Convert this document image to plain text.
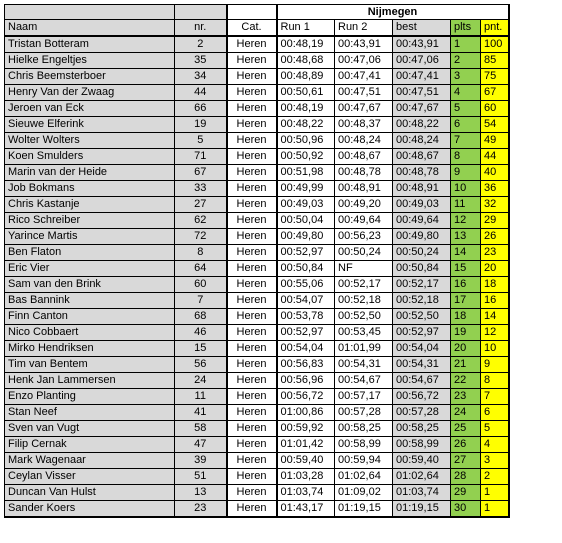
			Nijmegen				
Naam	nr.	Cat.	Run 1	Run 2	best	plts	pnt.
Tristan Botteram	2	Heren	00:48,19	00:43,91	00:43,91	1	100
Hielke Engeltjes	35	Heren	00:48,68	00:47,06	00:47,06	2	85
Chris Beemsterboer	34	Heren	00:48,89	00:47,41	00:47,41	3	75
Henry Van der Zwaag	44	Heren	00:50,61	00:47,51	00:47,51	4	67
Jeroen van Eck	66	Heren	00:48,19	00:47,67	00:47,67	5	60
Sieuwe Elferink	19	Heren	00:48,22	00:48,37	00:48,22	6	54
Wolter Wolters	5	Heren	00:50,96	00:48,24	00:48,24	7	49
Koen Smulders	71	Heren	00:50,92	00:48,67	00:48,67	8	44
Marin van der Heide	67	Heren	00:51,98	00:48,78	00:48,78	9	40
Job Bokmans	33	Heren	00:49,99	00:48,91	00:48,91	10	36
Chris Kastanje	27	Heren	00:49,03	00:49,20	00:49,03	11	32
Rico Schreiber	62	Heren	00:50,04	00:49,64	00:49,64	12	29
Yarince Martis	72	Heren	00:49,80	00:56,23	00:49,80	13	26
Ben Flaton	8	Heren	00:52,97	00:50,24	00:50,24	14	23
Eric Vier	64	Heren	00:50,84	NF	00:50,84	15	20
Sam van den Brink	60	Heren	00:55,06	00:52,17	00:52,17	16	18
Bas Bannink	7	Heren	00:54,07	00:52,18	00:52,18	17	16
Finn Canton	68	Heren	00:53,78	00:52,50	00:52,50	18	14
Nico Cobbaert	46	Heren	00:52,97	00:53,45	00:52,97	19	12
Mirko Hendriksen	15	Heren	00:54,04	01:01,99	00:54,04	20	10
Tim van Bentem	56	Heren	00:56,83	00:54,31	00:54,31	21	9
Henk Jan Lammersen	24	Heren	00:56,96	00:54,67	00:54,67	22	8
Enzo Planting	11	Heren	00:56,72	00:57,17	00:56,72	23	7
Stan Neef	41	Heren	01:00,86	00:57,28	00:57,28	24	6
Sven van Vugt	58	Heren	00:59,92	00:58,25	00:58,25	25	5
Filip Cernak	47	Heren	01:01,42	00:58,99	00:58,99	26	4
Mark Wagenaar	39	Heren	00:59,40	00:59,94	00:59,40	27	3
Ceylan Visser	51	Heren	01:03,28	01:02,64	01:02,64	28	2
Duncan Van Hulst	13	Heren	01:03,74	01:09,02	01:03,74	29	1
Sander Koers	23	Heren	01:43,17	01:19,15	01:19,15	30	1
